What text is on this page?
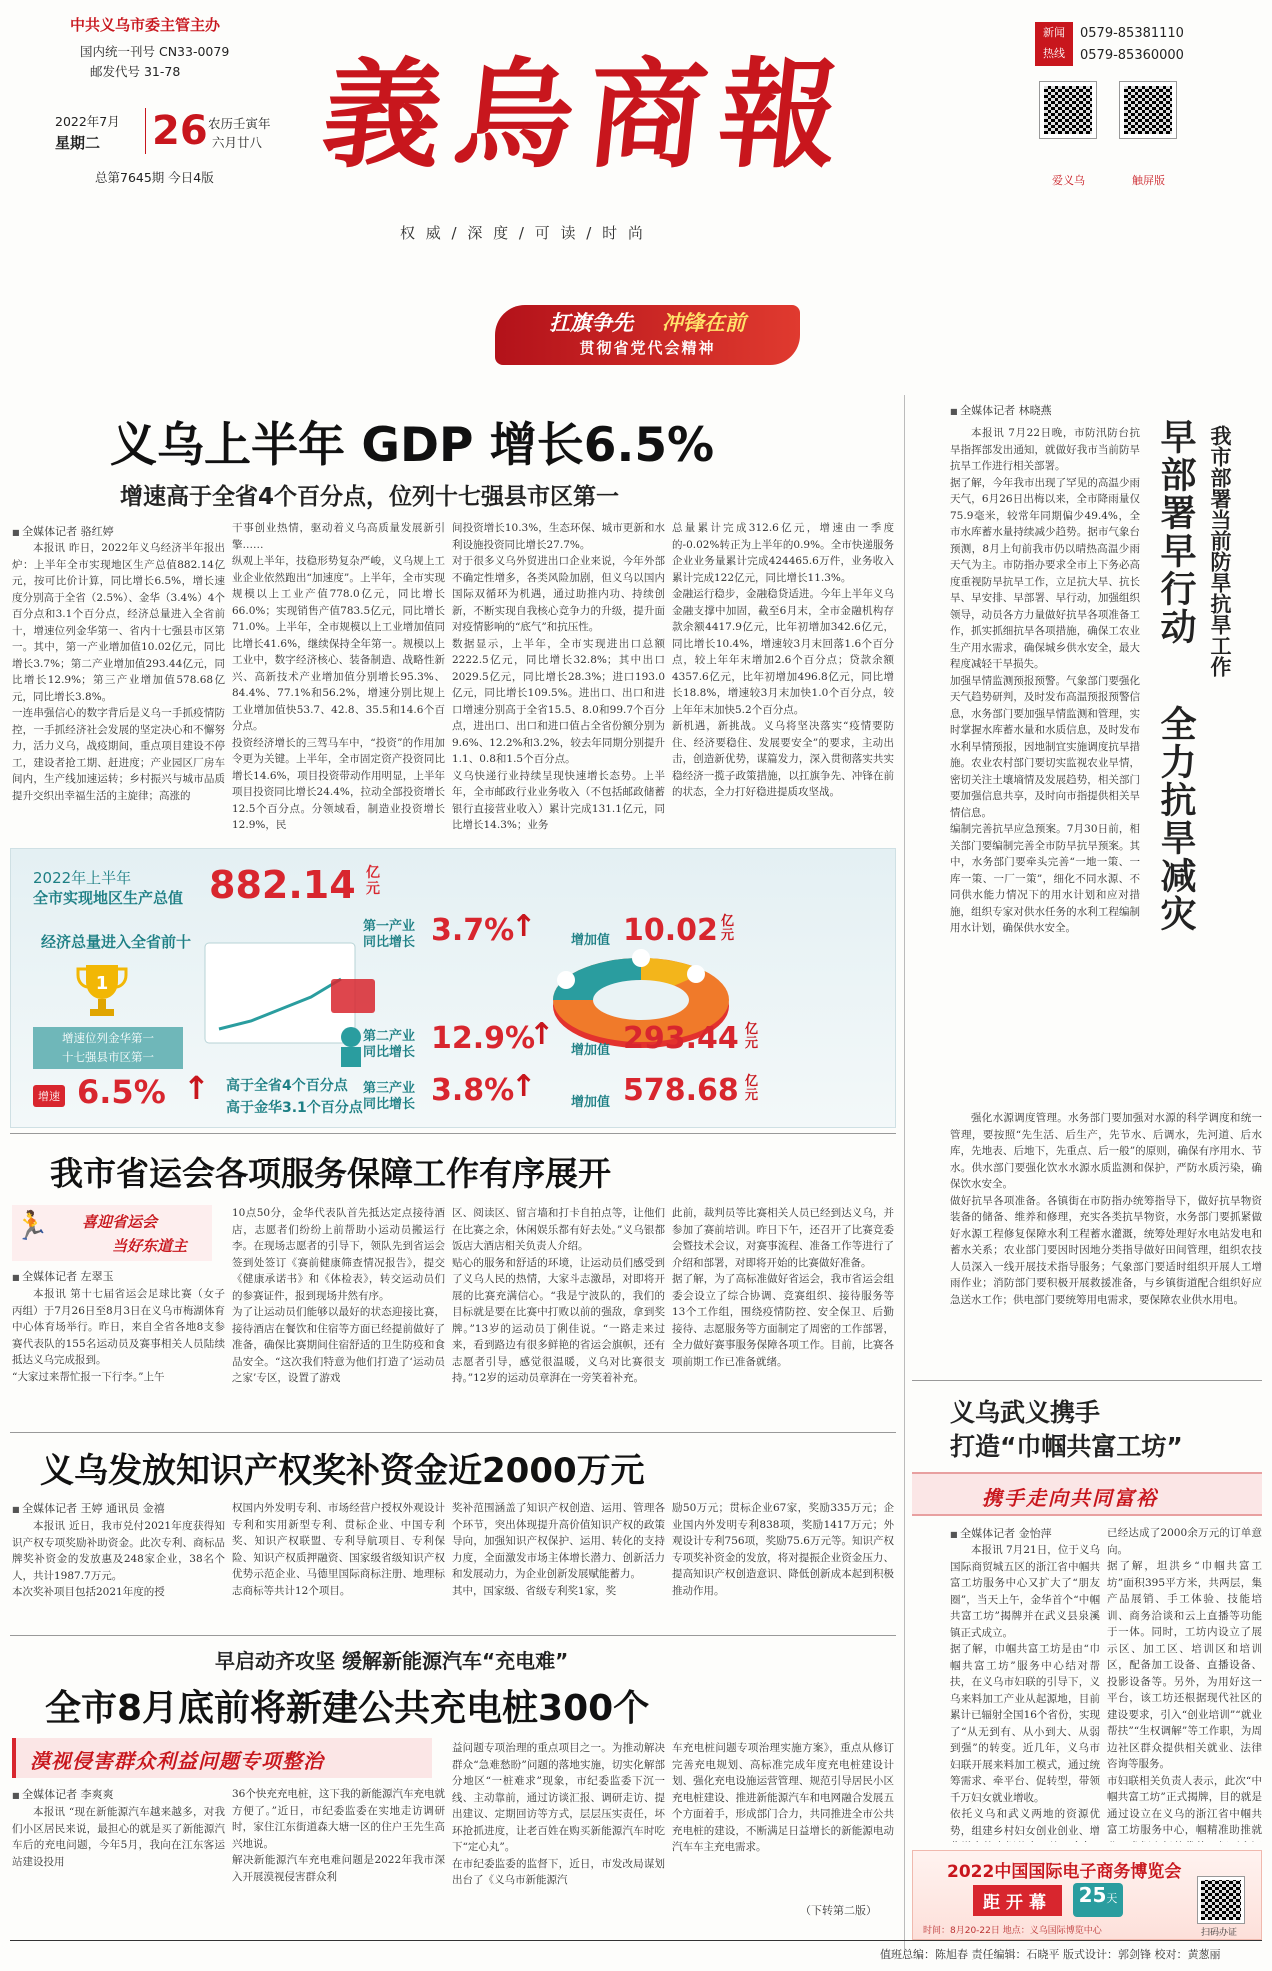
中共义乌市委主管主办
国内统一刊号 CN33-0079
邮发代号 31-78
2022年7月
星期二 26 农历壬寅年
六月廿八
总第7645期 今日4版 義烏商報
权 威 / 深 度 / 可 读 / 时 尚
新闻
热线
0579-85381110
0579-85360000
爱义乌	触屏版
扛旗争先 冲锋在前
贯彻省党代会精神
义乌上半年 GDP 增长6.5%
增速高于全省4个百分点，位列十七强县市区第一
■ 全媒体记者 骆红婷

本报讯 昨日，2022年义乌经济半年报出炉：上半年全市实现地区生产总值882.14亿元，按可比价计算，同比增长6.5%，增长速度分别高于全省（2.5%）、金华（3.4%）4个百分点和3.1个百分点，经济总量进入全省前十，增速位列金华第一、省内十七强县市区第一。其中，第一产业增加值10.02亿元，同比增长3.7%；第二产业增加值293.44亿元，同比增长12.9%；第三产业增加值578.68亿元，同比增长3.8%。
一连串强信心的数字背后是义乌一手抓疫情防控，一手抓经济社会发展的坚定决心和不懈努力，活力义乌，战疫期间，重点项目建设不停工，建设者抢工期、赶进度；产业园区厂房车间内，生产线加速运转；乡村振兴与城市品质提升交织出幸福生活的主旋律；高涨的

干事创业热情，驱动着义乌高质量发展新引擎……
纵观上半年，技稳形势复杂严峻，义乌规上工业企业依然跑出“加速度”。上半年，全市实现规模以上工业产值778.0亿元，同比增长66.0%；实现销售产值783.5亿元，同比增长71.0%。上半年，全市规模以上工业增加值同比增长41.6%，继续保持全年第一。规模以上工业中，数字经济核心、装备制造、战略性新兴、高新技术产业增加值分别增长95.3%、84.4%、77.1%和56.2%，增速分别比规上工业增加值快53.7、42.8、35.5和14.6个百分点。
投资经济增长的三驾马车中，“投资”的作用加令更为关键。上半年，全市固定资产投资同比增长14.6%，项目投资带动作用明显，上半年项目投资同比增长24.4%，拉动全部投资增长12.5个百分点。分领域看，制造业投资增长12.9%，民

间投资增长10.3%，生态环保、城市更新和水利设施投资同比增长27.7%。
对于很多义乌外贸进出口企业来说，今年外部不确定性增多，各类风险加剧，但义乌以国内国际双循环为机遇，通过助推内功、持续创新，不断实现自我核心竞争力的升级，提升面对疫情影响的“底气”和抗压性。
数据显示，上半年，全市实现进出口总额2222.5亿元，同比增长32.8%；其中出口2029.5亿元，同比增长28.3%；进口193.0亿元，同比增长109.5%。进出口、出口和进口增速分别高于全省15.5、8.0和99.7个百分点，进出口、出口和进口值占全省份额分别为9.6%、12.2%和3.2%，较去年同期分别提升1.1、0.8和1.5个百分点。
义乌快递行业持续呈现快速增长态势。上半年，全市邮政行业业务收入（不包括邮政储蓄银行直接营业收入）累计完成131.1亿元，同比增长14.3%；业务

总量累计完成312.6亿元，增速由一季度的-0.02%转正为上半年的0.9%。全市快递服务企业业务量累计完成424465.6万件，业务收入累计完成122亿元，同比增长11.3%。
金融运行稳步，金融稳贷适进。今年上半年义乌金融支撑中加固，截至6月末，全市金融机构存款余额4417.9亿元，比年初增加342.6亿元，同比增长10.4%，增速较3月末回落1.6个百分点，较上年年末增加2.6个百分点；贷款余额4357.6亿元，比年初增加496.8亿元，同比增长18.8%，增速较3月末加快1.0个百分点，较上年年末加快5.2个百分点。
新机遇，新挑战。义乌将坚决落实“疫情要防住、经济要稳住、发展要安全”的要求，主动出击，创造新优势，谋篇发力，深入贯彻落实共实稳经济一揽子政策措施，以扛旗争先、冲锋在前的状态，全力打好稳进提质攻坚战。

2022年上半年
全市实现地区生产总值 882.14 亿
元
经济总量进入全省前十
1
增速位列金华第一
十七强县市区第一
增速 6.5% ↑ 高于全省4个百分点
高于金华3.1个百分点
第一产业
同比增长 3.7%
↑	增加值 10.02 亿
元
第二产业
同比增长 12.9%
↑ 增加值 293.44 亿
元
第三产业
同比增长 3.8%
↑	增加值 578.68 亿
元
■ 全媒体记者 林晓燕
我市部署当前防旱抗旱工作
早部署早行动
全力抗旱减灾

本报讯 7月22日晚，市防汛防台抗旱指挥部发出通知，就做好我市当前防旱抗旱工作进行相关部署。
据了解，今年我市出现了罕见的高温少雨天气，6月26日出梅以来，全市降雨量仅75.9毫米，较常年同期偏少49.4%，全市水库蓄水量持续减少趋势。据市气象台预测，8月上旬前我市仍以晴热高温少雨天气为主。市防指办要求全市上下务必高度重视防旱抗旱工作，立足抗大旱、抗长旱、早安排、早部署、早行动，加强组织领导，动员各方力量做好抗旱各项准备工作，抓实抓细抗旱各项措施，确保工农业生产用水需求，确保城乡供水安全，最大程度减轻干旱损失。
加强旱情监测预报预警。气象部门要强化天气趋势研判，及时发布高温预报预警信息，水务部门要加强旱情监测和管理，实时掌握水库蓄水量和水质信息，及时发布水利旱情预报，因地制宜实施调度抗旱措施。农业农村部门要切实监视农业旱情，密切关注土壤墒情及发展趋势，相关部门要加强信息共享，及时向市指提供相关旱情信息。
编制完善抗旱应急预案。7月30日前，相关部门要编制完善全市防旱抗旱预案。其中，水务部门要牵头完善“一地一策、一库一策、一厂一策”，细化不同水源、不同供水能力情况下的用水计划和应对措施，组织专家对供水任务的水利工程编制用水计划，确保供水安全。

强化水源调度管理。水务部门要加强对水源的科学调度和统一管理，要按照“先生活、后生产，先节水、后调水，先河道、后水库，先地表、后地下，先重点、后一般”的原则，确保有序用水、节水。供水部门要强化饮水水源水质监测和保护，严防水质污染，确保饮水安全。
做好抗旱各项准备。各镇街在市防指办统筹指导下，做好抗旱物资装备的储备、维养和修理，充实各类抗旱物资，水务部门要抓紧做好水源工程修复保障水利工程蓄水灌溉，统筹处理好水电站发电和蓄水关系；农业部门要因时因地分类指导做好田间管理，组织农技人员深入一线开展技术指导服务；气象部门要适时组织开展人工增雨作业；消防部门要积极开展救援准备，与乡镇街道配合组织好应急送水工作；供电部门要统筹用电需求，要保障农业供水用电。

义乌武义携手
打造“巾帼共富工坊”
携手走向共同富裕
■ 全媒体记者 金怡萍

本报讯 7月21日，位于义乌国际商贸城五区的浙江省中帼共富工坊服务中心又扩大了“朋友圈”，当天上午，金华首个“中帼共富工坊”揭牌并在武义县泉溪镇正式成立。
据了解，巾帼共富工坊是由“巾帼共富工坊”服务中心结对帮扶，在义乌市妇联的引导下，义乌来料加工产业从起源地，目前累计已辐射全国16个省份，实现了“从无到有、从小到大、从弱到强”的转变。近几年，义乌市妇联开展来料加工模式，通过统筹需求、牵平台、促转型，带领千万妇女就业增收。
依托义乌和武义两地的资源优势，组建乡村妇女创业创业、增

已经达成了2000余万元的订单意向。
据了解，坦洪乡“巾帼共富工坊”面积395平方米，共两层，集产品展销、手工体验、技能培训、商务洽谈和云上直播等功能于一体。同时，工坊内设立了展示区、加工区、培训区和培训区，配备加工设备、直播设备、投影设备等。另外，为用好这一平台，该工坊还根据现代社区的建设要求，引入“创业培训”“就业帮扶”“生权调解”等工作职，为周边社区群众提供相关就业、法律咨询等服务。
市妇联相关负责人表示，此次“中帼共富工坊”正式揭牌，目的就是通过设立在义乌的浙江省中帼共富工坊服务中心，帼精准助推就

2022中国国际电子商务博览会
距开幕	25天
时间：8月20-22日 地点：义乌国际博览中心	扫码办证
我市省运会各项服务保障工作有序展开
🏃 喜迎省运会
当好东道主
■ 全媒体记者 左翠玉

本报讯 第十七届省运会足球比赛（女子丙组）于7月26日至8月3日在义乌市梅湖体育中心体育场举行。昨日，来自全省各地8支参赛代表队的155名运动员及赛事相关人员陆续抵达义乌完成报到。
“大家过来帮忙报一下行李。”上午

10点50分，金华代表队首先抵达定点接待酒店，志愿者们纷纷上前帮助小运动员搬运行李。在现场志愿者的引导下，领队先到省运会签到处签订《赛前健康筛查情况报告》，提交《健康承诺书》和《体检表》，转交运动员们的参赛证件，报到现场井然有序。
为了让运动员们能够以最好的状态迎接比赛，接待酒店在餐饮和住宿等方面已经提前做好了准备，确保比赛期间住宿舒适的卫生防疫和食品安全。“这次我们特意为他们打造了‘运动员之家’专区，设置了游戏

区、阅读区、留言墙和打卡自拍点等，让他们在比赛之余，休闲娱乐都有好去处。”义乌银都饭店大酒店相关负责人介绍。
贴心的服务和舒适的环境，让运动员们感受到了义乌人民的热情，大家斗志激昂，对即将开展的比赛充满信心。“我是宁波队的，我们的目标就是要在比赛中打败以前的强敌，拿到奖牌。”13岁的运动员丁俐佳说。“一路走来过来，看到路边有很多鲜艳的省运会旗帜，还有志愿者引导，感觉很温暖，义乌对比赛很支持。”12岁的运动员章湃在一旁笑着补充。

此前，裁判员等比赛相关人员已经到达义乌，并参加了赛前培训。昨日下午，还召开了比赛竞委会暨技术会议，对赛事流程、准备工作等进行了介绍和部署，对即将开始的比赛做好准备。
据了解，为了高标准做好省运会，我市省运会组委会设立了综合协调、竞赛组织、接待服务等13个工作组，围绕疫情防控、安全保卫、后勤接待、志愿服务等方面制定了周密的工作部署，全力做好赛事服务保障各项工作。目前，比赛各项前期工作已准备就绪。

义乌发放知识产权奖补资金近2000万元
■ 全媒体记者 王婷 通讯员 金禧

本报讯 近日，我市兑付2021年度获得知识产权专项奖励补助资金。此次专利、商标品牌奖补资金的发放惠及248家企业，38名个人，共计1987.7万元。
本次奖补项目包括2021年度的授

权国内外发明专利、市场经营户授权外观设计专利和实用新型专利、贯标企业、中国专利奖、知识产权联盟、专利导航项目、专利保险、知识产权质押融资、国家级省级知识产权优势示范企业、马德里国际商标注册、地理标志商标等共计12个项目。

奖补范围涵盖了知识产权创造、运用、管理各个环节，突出体现提升高价值知识产权的政策导向，加强知识产权保护、运用、转化的支持力度，全面激发市场主体增长潜力、创新活力和发展动力，为企业创新发展赋能蓄力。
其中，国家级、省级专利奖1家，奖

励50万元；贯标企业67家，奖励335万元；企业国内外发明专利838项，奖励1417万元；外观设计专利756项，奖励75.6万元等。知识产权专项奖补资金的发放，将对提振企业资金压力、提高知识产权创造意识、降低创新成本起到积极推动作用。

早启动齐攻坚 缓解新能源汽车“充电难”
全市8月底前将新建公共充电桩300个
漠视侵害群众利益问题专项整治
■ 全媒体记者 李爽爽

本报讯 “现在新能源汽车越来越多，对我们小区居民来说，最担心的就是买了新能源汽车后的充电问题，今年5月，我向在江东客运站建设投用

36个快充充电桩，这下我的新能源汽车充电就方便了。”近日，市纪委监委在实地走访调研时，家住江东街道森大塘一区的住户王先生高兴地说。
解决新能源汽车充电难问题是2022年我市深入开展漠视侵害群众利

益问题专项治理的重点项目之一。为推动解决群众“急难愁盼”问题的落地实施，切实化解部分地区“一桩难求”现象，市纪委监委下沉一线、主动靠前，通过访谈汇报、调研走访、提出建议、定期回访等方式，层层压实责任，坏环抢抓进度，让老百姓在购买新能源汽车时吃下“定心丸”。
在市纪委监委的监督下，近日，市发改局谋划出台了《义乌市新能源汽

车充电桩问题专项治理实施方案》，重点从修订完善充电规划、高标准完成年度充电桩建设计划、强化充电设施运营管理、规范引导居民小区充电桩建设、推进新能源汽车和电网融合发展五个方面着手，形成部门合力，共同推进全市公共充电桩的建设，不断满足日益增长的新能源电动汽车车主充电需求。

（下转第二版）
值班总编：陈旭春 责任编辑：石晓平 版式设计：郭剑锋 校对：黄葱丽
